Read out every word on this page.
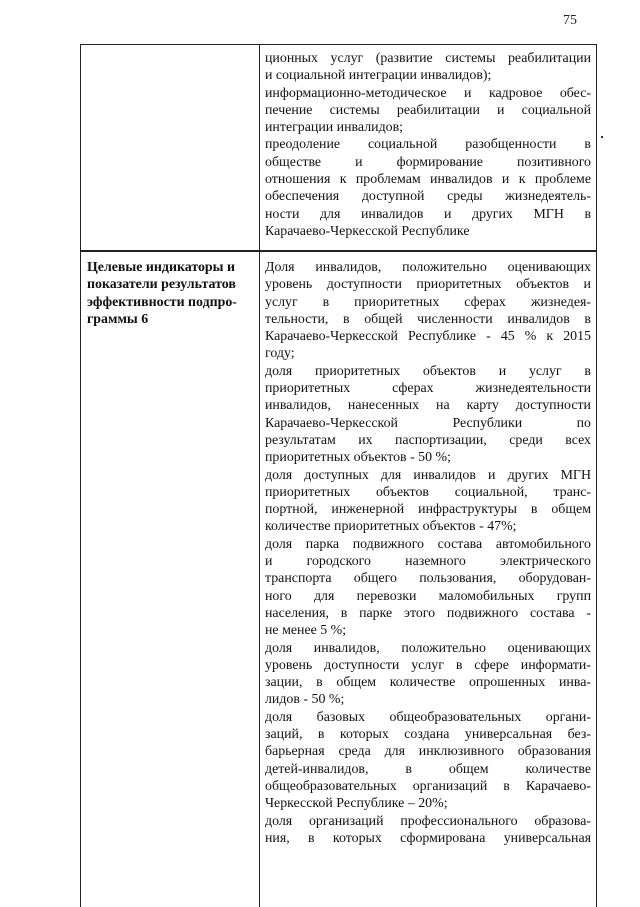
75
ционных услуг (развитие системы реабилитации
и социальной интеграции инвалидов);
информационно-методическое и кадровое обес-
печение системы реабилитации и социальной
интеграции инвалидов;
преодоление социальной разобщенности в
обществе и формирование позитивного
отношения к проблемам инвалидов и к проблеме
обеспечения доступной среды жизнедеятель-
ности для инвалидов и других МГН в
Карачаево-Черкесской Республике
Целевые индикаторы и
показатели результатов
эффективности подпро-
граммы 6
Доля инвалидов, положительно оценивающих
уровень доступности приоритетных объектов и
услуг в приоритетных сферах жизнедея-
тельности, в общей численности инвалидов в
Карачаево-Черкесской Республике - 45 % к 2015
году;
доля приоритетных объектов и услуг в
приоритетных сферах жизнедеятельности
инвалидов, нанесенных на карту доступности
Карачаево-Черкесской Республики по
результатам их паспортизации, среди всех
приоритетных объектов - 50 %;
доля доступных для инвалидов и других МГН
приоритетных объектов социальной, транс-
портной, инженерной инфраструктуры в общем
количестве приоритетных объектов - 47%;
доля парка подвижного состава автомобильного
и городского наземного электрического
транспорта общего пользования, оборудован-
ного для перевозки маломобильных групп
населения, в парке этого подвижного состава -
не менее 5 %;
доля инвалидов, положительно оценивающих
уровень доступности услуг в сфере информати-
зации, в общем количестве опрошенных инва-
лидов - 50 %;
доля базовых общеобразовательных органи-
заций, в которых создана универсальная без-
барьерная среда для инклюзивного образования
детей-инвалидов, в общем количестве
общеобразовательных организаций в Карачаево-
Черкесской Республике – 20%;
доля организаций профессионального образова-
ния, в которых сформирована универсальная
